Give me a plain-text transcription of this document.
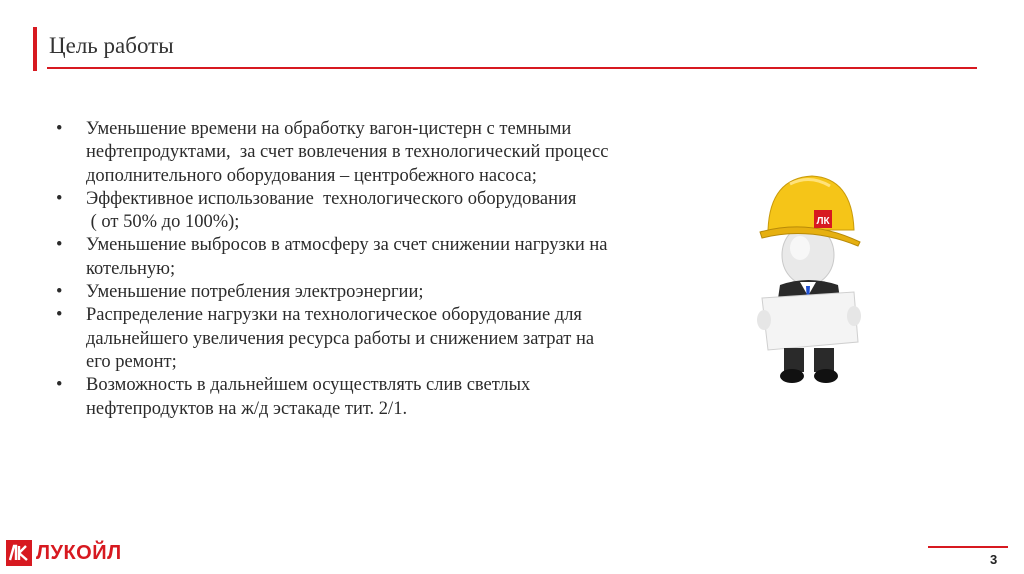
Цель работы
• Уменьшение времени на обработку вагон-цистерн с темными
нефтепродуктами,  за счет вовлечения в технологический процесс
дополнительного оборудования – центробежного насоса;
• Эффективное использование  технологического оборудования
( от 50% до 100%);
• Уменьшение выбросов в атмосферу за счет снижении нагрузки на
котельную;
• Уменьшение потребления электроэнергии;
• Распределение нагрузки на технологическое оборудование для
дальнейшего увеличения ресурса работы и снижением затрат на
его ремонт;
• Возможность в дальнейшем осуществлять слив светлых
нефтепродуктов на ж/д эстакаде тит. 2/1.
ЛК
ЛУКОЙЛ	3
